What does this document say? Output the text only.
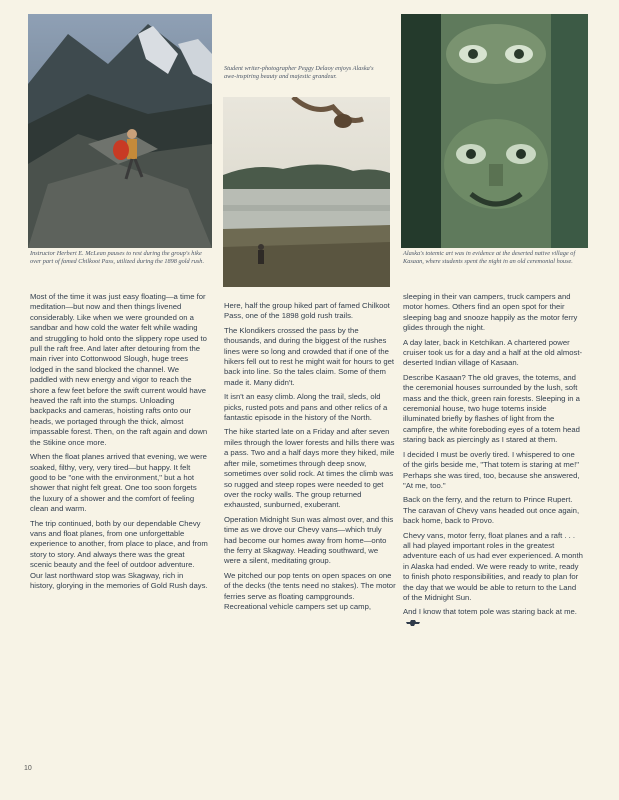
Instructor Herbert E. McLean pauses to rest during the group's hike over part of famed Chilkoot Pass, utilized during the 1898 gold rush.
Student writer-photographer Peggy Delaoy enjoys Alaska's awe-inspiring beauty and majestic grandeur.
Alaska's totemic art was in evidence at the deserted native village of Kasaan, where students spent the night in an old ceremonial house.

Most of the time it was just easy floating—a time for meditation—but now and then things livened considerably. Like when we were grounded on a sandbar and how cold the water felt while wading and struggling to hold onto the slippery rope used to pull the raft free. And later after detouring from the main river into Cottonwood Slough, huge trees lodged in the sand blocked the channel. We paddled with new energy and vigor to reach the shore a few feet before the swift current would have heaved the raft into the stumps. Unloading backpacks and cameras, hoisting rafts onto our heads, we portaged through the thick, almost impassable forest. Then, on the raft again and down the Stikine once more.

When the float planes arrived that evening, we were soaked, filthy, very, very tired—but happy. It felt good to be "one with the environment," but a hot shower that night felt great. One too soon forgets the luxury of a shower and the comfort of feeling clean and warm.

The trip continued, both by our dependable Chevy vans and float planes, from one unforgettable experience to another, from place to place, and from story to story. And always there was the great scenic beauty and the feel of outdoor adventure. Our last northward stop was Skagway, rich in history, glorying in the memories of Gold Rush days.

Here, half the group hiked part of famed Chilkoot Pass, one of the 1898 gold rush trails.

The Klondikers crossed the pass by the thousands, and during the biggest of the rushes lines were so long and crowded that if one of the hikers fell out to rest he might wait for hours to get back into line. So the tales claim. Some of them made it. Many didn't.

It isn't an easy climb. Along the trail, sleds, old picks, rusted pots and pans and other relics of a fantastic episode in the history of the North.

The hike started late on a Friday and after seven miles through the lower forests and hills there was a pass. Two and a half days more they hiked, mile after mile, sometimes through deep snow, sometimes over solid rock. At times the climb was so rugged and steep ropes were needed to get over the rocky walls. The group returned exhausted, sunburned, exuberant.

Operation Midnight Sun was almost over, and this time as we drove our Chevy vans—which truly had become our homes away from home—onto the ferry at Skagway. Heading southward, we were a silent, meditating group.

We pitched our pop tents on open spaces on one of the decks (the tents need no stakes). The motor ferries serve as floating campgrounds. Recreational vehicle campers set up camp,

sleeping in their van campers, truck campers and motor homes. Others find an open spot for their sleeping bag and snooze happily as the motor ferry glides through the night.

A day later, back in Ketchikan. A chartered power cruiser took us for a day and a half at the old almost-deserted Indian village of Kasaan.

Describe Kasaan? The old graves, the totems, and the ceremonial houses surrounded by the lush, soft mass and the thick, green rain forests. Sleeping in a ceremonial house, two huge totems inside illuminated briefly by flashes of light from the campfire, the white foreboding eyes of a totem head staring back as piercingly as I stared at them.

I decided I must be overly tired. I whispered to one of the girls beside me, "That totem is staring at me!" Perhaps she was tired, too, because she answered, "At me, too."

Back on the ferry, and the return to Prince Rupert. The caravan of Chevy vans headed out once again, back home, back to Provo.

Chevy vans, motor ferry, float planes and a raft . . . all had played important roles in the greatest adventure each of us had ever experienced. A month in Alaska had ended. We were ready to write, ready to finish photo responsibilities, and ready to plan for the day that we would be able to return to the Land of the Midnight Sun.

And I know that totem pole was staring back at me.

10
